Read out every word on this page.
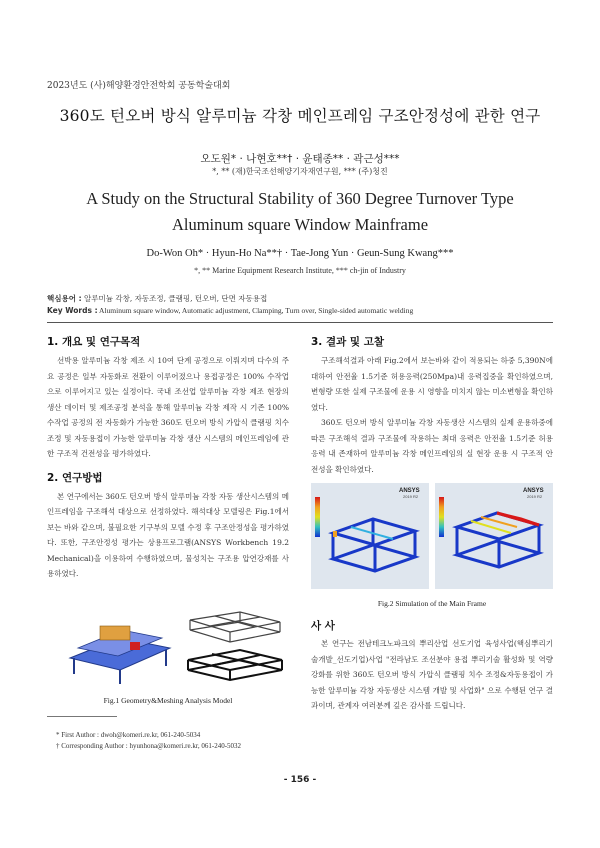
2023년도 (사)해양환경안전학회 공동학술대회
360도 턴오버 방식 알루미늄 각창 메인프레임 구조안정성에 관한 연구
오도원* · 나현호**† · 윤태종** · 곽근성***
*, ** (재)한국조선해양기자재연구원, *** (주)청진
A Study on the Structural Stability of 360 Degree Turnover Type
Aluminum square Window Mainframe
Do-Won Oh* · Hyun-Ho Na**† · Tae-Jong Yun · Geun-Sung Kwang***
*, ** Marine Equipment Research Institute, *** ch-jin of Industry
핵심용어 : 알루미늄 각창, 자동조정, 클램핑, 턴오버, 단면 자동용접
Key Words : Aluminum square window, Automatic adjustment, Clamping, Turn over, Single-sided automatic welding
1. 개요 및 연구목적

선박용 알루미늄 각창 제조 시 10여 단계 공정으로 이뤄지며 다수의 주요 공정은 일부 자동화로 전환이 이루어졌으나 용접공정은 100% 수작업으로 이루어지고 있는 실정이다. 국내 조선업 알루미늄 각창 제조 현장의 생산 데이터 및 제조공정 분석을 통해 알루미늄 각창 제작 시 기존 100% 수작업 공정의 전 자동화가 가능한 360도 턴오버 방식 가압식 클램핑 치수 조정 및 자동용접이 가능한 알루미늄 각창 생산 시스템의 메인프레임에 관한 구조적 건전성을 평가하였다.

2. 연구방법

본 연구에서는 360도 턴오버 방식 알루미늄 각창 자동 생산시스템의 메인프레임을 구조해석 대상으로 선정하였다. 해석대상 모델링은 Fig.1에서 보는 바와 같으며, 불필요한 기구부의 모델 수정 후 구조안정성을 평가하였다. 또한, 구조안정성 평가는 상용프로그램(ANSYS Workbench 19.2 Mechanical)을 이용하여 수행하였으며, 물성치는 구조용 압연강재를 사용하였다.

Fig.1 Geometry&Meshing Analysis Model
* First Author : dwoh@komeri.re.kr, 061-240-5034
† Corresponding Author : hyunhona@komeri.re.kr, 061-240-5032
3. 결과 및 고찰

구조해석결과 아래 Fig.2에서 보는바와 같이 적용되는 하중 5,390N에 대하여 안전율 1.5기준 허용응력(250Mpa)내 응력집중을 확인하였으며, 변형량 또한 실제 구조물에 운용 시 영향을 미치지 않는 미소변형을 확인하였다.

360도 턴오버 방식 알루미늄 각창 자동생산 시스템의 실제 운용하중에 따른 구조해석 결과 구조물에 작용하는 최대 응력은 안전율 1.5기준 허용응력 내 존재하여 알루미늄 각창 메인프레임의 실 현장 운용 시 구조적 안전성을 확인하였다.

ANSYS
2019 R2
ANSYS
2019 R2
Fig.2 Simulation of the Main Frame
사 사

본 연구는 전남테크노파크의 뿌리산업 선도기업 육성사업(핵심뿌리기술개발_선도기업)사업 "전라남도 조선분야 용접 뿌리기술 활성화 및 역량강화를 위한 360도 턴오버 방식 가압식 클램핑 치수 조정&자동용접이 가능한 알루미늄 각창 자동생산 시스템 개발 및 사업화" 으로 수행된 연구 결과이며, 관계자 여러분께 깊은 감사를 드립니다.

- 156 -
